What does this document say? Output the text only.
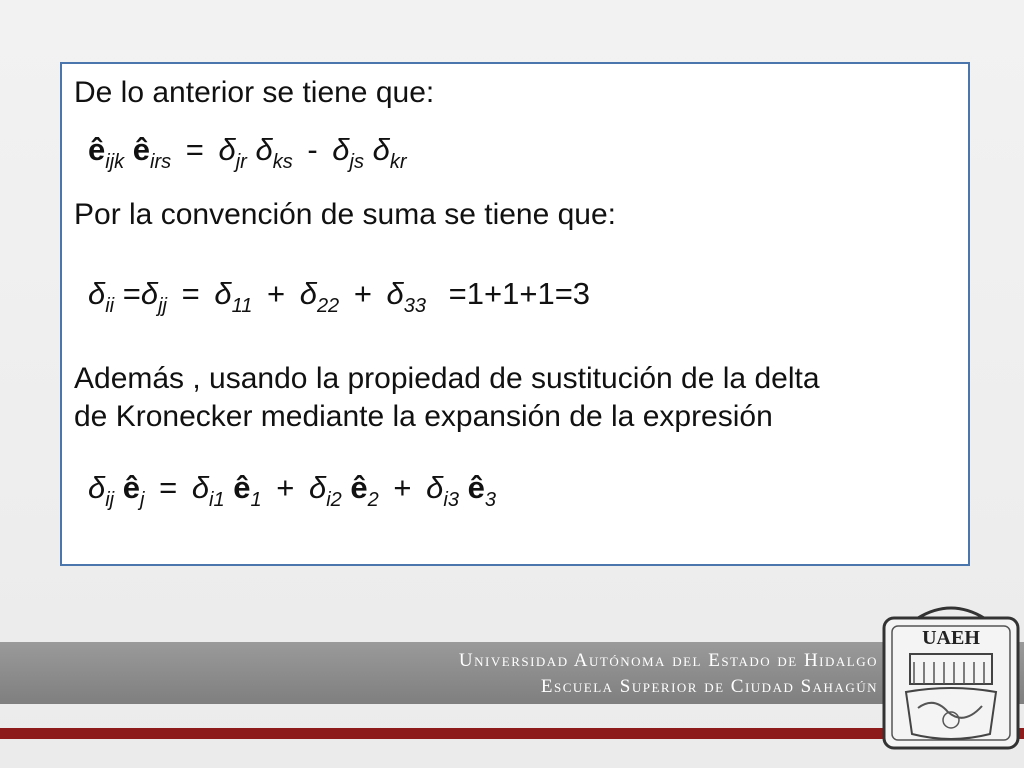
De lo anterior se tiene que:
$ê_{ijk}$ $ê_{irs} = \delta_{jr}$ $\delta_{ks} - \delta_{js}$ $\delta_{kr}$
Por la convención de suma se tiene que:
$\delta_{ii} =\delta_{jj} = \delta_{11} + \delta_{22} + \delta_{33} =1+1+1=3$
Además , usando la propiedad de sustitución de la delta
de Kronecker mediante la expansión de la expresión
$\delta_{ij}$ $ê_j = \delta_{i1}$ $ê_1 + \delta_{i2}$ $ê_2 + \delta_{i3}$ $ê_3$
Universidad Autónoma del Estado de Hidalgo
Escuela Superior de Ciudad Sahagún
UAEH
